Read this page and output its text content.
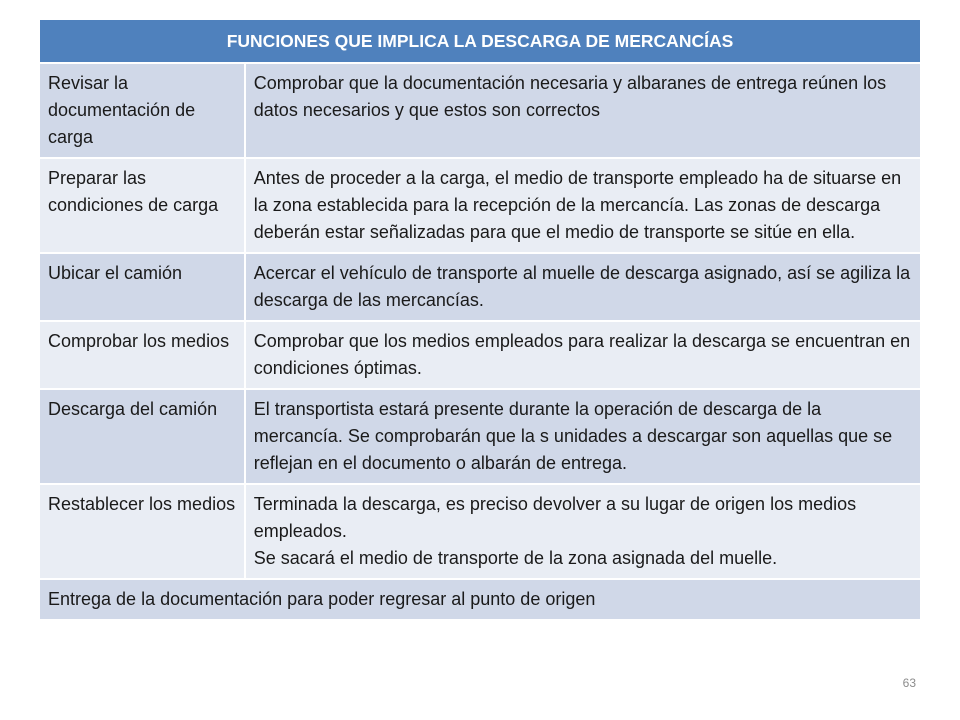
FUNCIONES QUE IMPLICA LA DESCARGA DE MERCANCÍAS	
Revisar la documentación de carga	Comprobar que la documentación necesaria y albaranes de entrega reúnen los datos necesarios y que estos son correctos

Preparar las condiciones de carga	Antes de proceder a la carga, el medio de transporte empleado ha de situarse en la zona establecida para la recepción de la mercancía. Las zonas de descarga deberán estar señalizadas para que el medio de transporte se sitúe en ella.

Ubicar el camión	Acercar el vehículo de transporte al muelle de descarga asignado, así se agiliza la descarga de las mercancías.

Comprobar los medios	Comprobar que los medios empleados para realizar la descarga se encuentran en condiciones óptimas.

Descarga del camión	El transportista estará presente durante la operación de descarga de la mercancía. Se comprobarán que la s unidades a descargar son aquellas que se reflejan en el documento o albarán de entrega.

Restablecer los medios	Terminada la descarga, es preciso devolver a su lugar de origen los medios empleados.
Se sacará el medio de transporte de la zona asignada del muelle.

Entrega de la documentación para poder regresar al punto de origen	
63
